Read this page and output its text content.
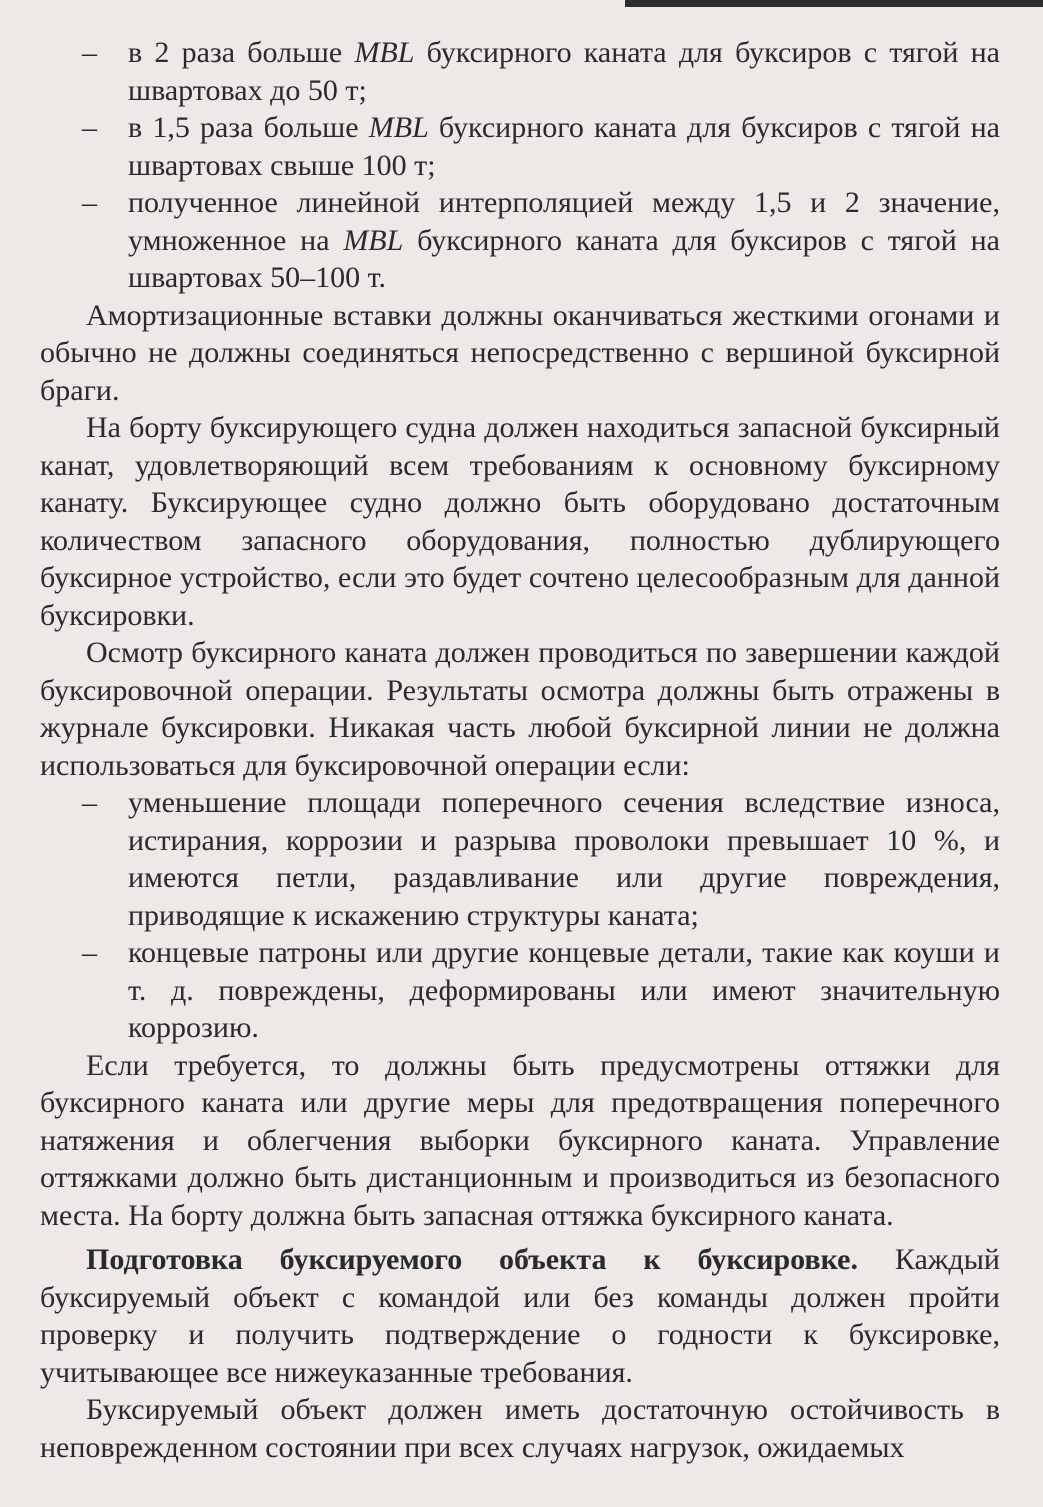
– в 2 раза больше MBL буксирного каната для буксиров с тягой на швартовах до 50 т;
– в 1,5 раза больше MBL буксирного каната для буксиров с тягой на швартовах свыше 100 т;
– полученное линейной интерполяцией между 1,5 и 2 значение, умноженное на MBL буксирного каната для буксиров с тягой на швартовах 50–100 т.

Амортизационные вставки должны оканчиваться жесткими огонами и обычно не должны соединяться непосредственно с вершиной буксирной браги.

На борту буксирующего судна должен находиться запасной буксирный канат, удовлетворяющий всем требованиям к основному буксирному канату. Буксирующее судно должно быть оборудовано достаточным количеством запасного оборудования, полностью дублирующего буксирное устройство, если это будет сочтено целесообразным для данной буксировки.

Осмотр буксирного каната должен проводиться по завершении каждой буксировочной операции. Результаты осмотра должны быть отражены в журнале буксировки. Никакая часть любой буксирной линии не должна использоваться для буксировочной операции если:

– уменьшение площади поперечного сечения вследствие износа, истирания, коррозии и разрыва проволоки превышает 10 %, и имеются петли, раздавливание или другие повреждения, приводящие к искажению структуры каната;
– концевые патроны или другие концевые детали, такие как коуши и т. д. повреждены, деформированы или имеют значительную коррозию.

Если требуется, то должны быть предусмотрены оттяжки для буксирного каната или другие меры для предотвращения поперечного натяжения и облегчения выборки буксирного каната. Управление оттяжками должно быть дистанционным и производиться из безопасного места. На борту должна быть запасная оттяжка буксирного каната.

Подготовка буксируемого объекта к буксировке. Каждый буксируемый объект с командой или без команды должен пройти проверку и получить подтверждение о годности к буксировке, учитывающее все нижеуказанные требования.

Буксируемый объект должен иметь достаточную остойчивость в неповрежденном состоянии при всех случаях нагрузок, ожидаемых
